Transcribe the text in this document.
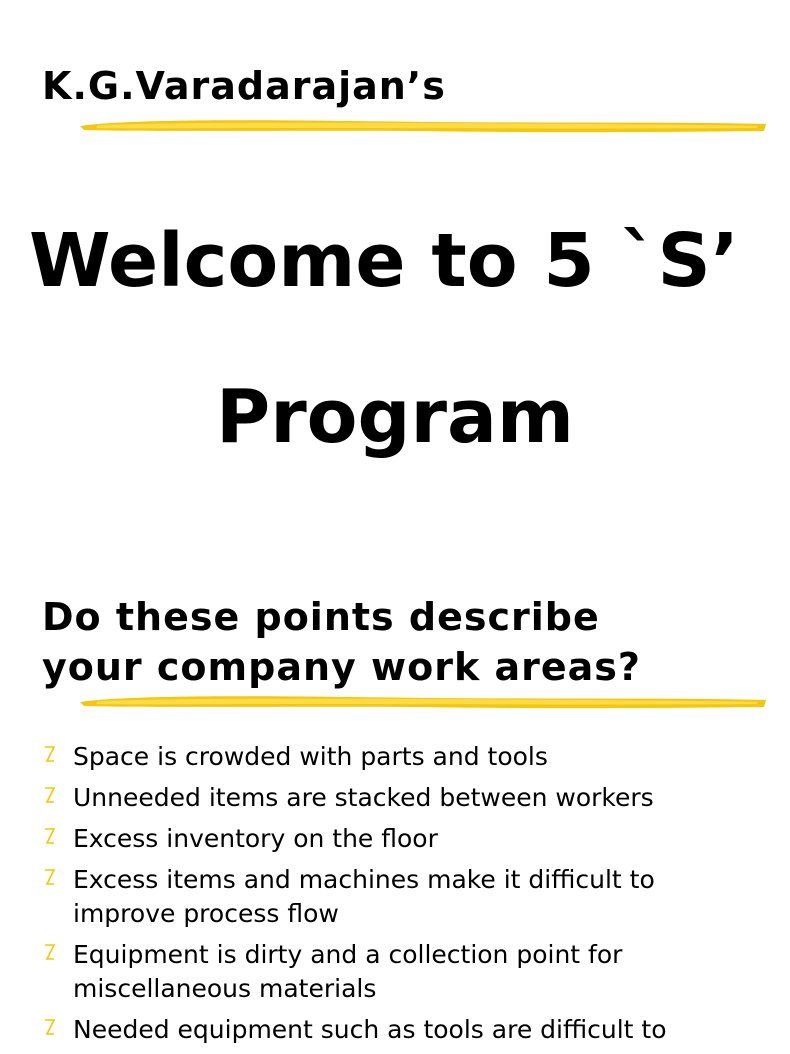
K.G.Varadarajan’s
Welcome to 5 `S’
Program
Do these points describe
your company work areas?
Space is crowded with parts and tools
Unneeded items are stacked between workers
Excess inventory on the floor
Excess items and machines make it difficult to
improve process flow
Equipment is dirty and a collection point for
miscellaneous materials
Needed equipment such as tools are difficult to
